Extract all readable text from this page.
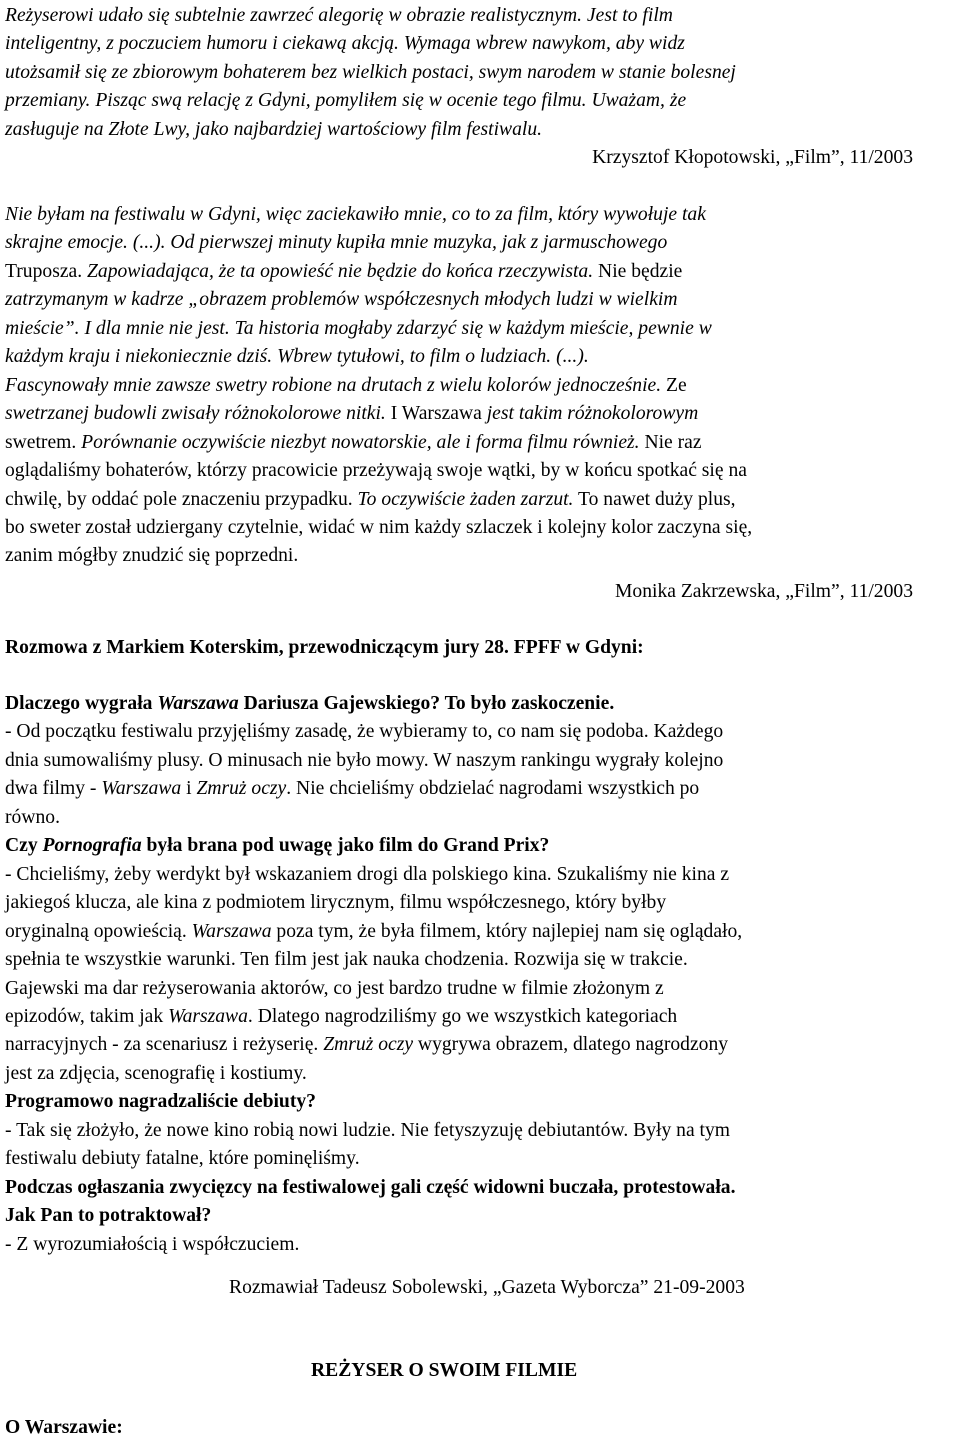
Reżyserowi udało się subtelnie zawrzeć alegorię w obrazie realistycznym. Jest to film
inteligentny, z poczuciem humoru i ciekawą akcją. Wymaga wbrew nawykom, aby widz
utożsamił się ze zbiorowym bohaterem bez wielkich postaci, swym narodem w stanie bolesnej
przemiany. Pisząc swą relację z Gdyni, pomyliłem się w ocenie tego filmu. Uważam, że
zasługuje na Złote Lwy, jako najbardziej wartościowy film festiwalu.
Krzysztof Kłopotowski, „Film”, 11/2003
Nie byłam na festiwalu w Gdyni, więc zaciekawiło mnie, co to za film, który wywołuje tak
skrajne emocje. (...). Od pierwszej minuty kupiła mnie muzyka, jak z jarmuschowego
Truposza. Zapowiadająca, że ta opowieść nie będzie do końca rzeczywista. Nie będzie
zatrzymanym w kadrze „obrazem problemów współczesnych młodych ludzi w wielkim
mieście”. I dla mnie nie jest. Ta historia mogłaby zdarzyć się w każdym mieście, pewnie w
każdym kraju i niekoniecznie dziś. Wbrew tytułowi, to film o ludziach. (...).
Fascynowały mnie zawsze swetry robione na drutach z wielu kolorów jednocześnie. Ze
swetrzanej budowli zwisały różnokolorowe nitki. I Warszawa jest takim różnokolorowym
swetrem. Porównanie oczywiście niezbyt nowatorskie, ale i forma filmu również. Nie raz
oglądaliśmy bohaterów, którzy pracowicie przeżywają swoje wątki, by w końcu spotkać się na
chwilę, by oddać pole znaczeniu przypadku. To oczywiście żaden zarzut. To nawet duży plus,
bo sweter został udziergany czytelnie, widać w nim każdy szlaczek i kolejny kolor zaczyna się,
zanim mógłby znudzić się poprzedni.
Monika Zakrzewska, „Film”, 11/2003
Rozmowa z Markiem Koterskim, przewodniczącym jury 28. FPFF w Gdyni:
Dlaczego wygrała Warszawa Dariusza Gajewskiego? To było zaskoczenie.
- Od początku festiwalu przyjęliśmy zasadę, że wybieramy to, co nam się podoba. Każdego
dnia sumowaliśmy plusy. O minusach nie było mowy. W naszym rankingu wygrały kolejno
dwa filmy - Warszawa i Zmruż oczy. Nie chcieliśmy obdzielać nagrodami wszystkich po
równo.
Czy Pornografia była brana pod uwagę jako film do Grand Prix?
- Chcieliśmy, żeby werdykt był wskazaniem drogi dla polskiego kina. Szukaliśmy nie kina z
jakiegoś klucza, ale kina z podmiotem lirycznym, filmu współczesnego, który byłby
oryginalną opowieścią. Warszawa poza tym, że była filmem, który najlepiej nam się oglądało,
spełnia te wszystkie warunki. Ten film jest jak nauka chodzenia. Rozwija się w trakcie.
Gajewski ma dar reżyserowania aktorów, co jest bardzo trudne w filmie złożonym z
epizodów, takim jak Warszawa. Dlatego nagrodziliśmy go we wszystkich kategoriach
narracyjnych - za scenariusz i reżyserię. Zmruż oczy wygrywa obrazem, dlatego nagrodzony
jest za zdjęcia, scenografię i kostiumy.
Programowo nagradzaliście debiuty?
- Tak się złożyło, że nowe kino robią nowi ludzie. Nie fetyszyzuję debiutantów. Były na tym
festiwalu debiuty fatalne, które pominęliśmy.
Podczas ogłaszania zwycięzcy na festiwalowej gali część widowni buczała, protestowała.
Jak Pan to potraktował?
- Z wyrozumiałością i współczuciem.
Rozmawiał Tadeusz Sobolewski, „Gazeta Wyborcza” 21-09-2003
REŻYSER O SWOIM FILMIE
O Warszawie:
